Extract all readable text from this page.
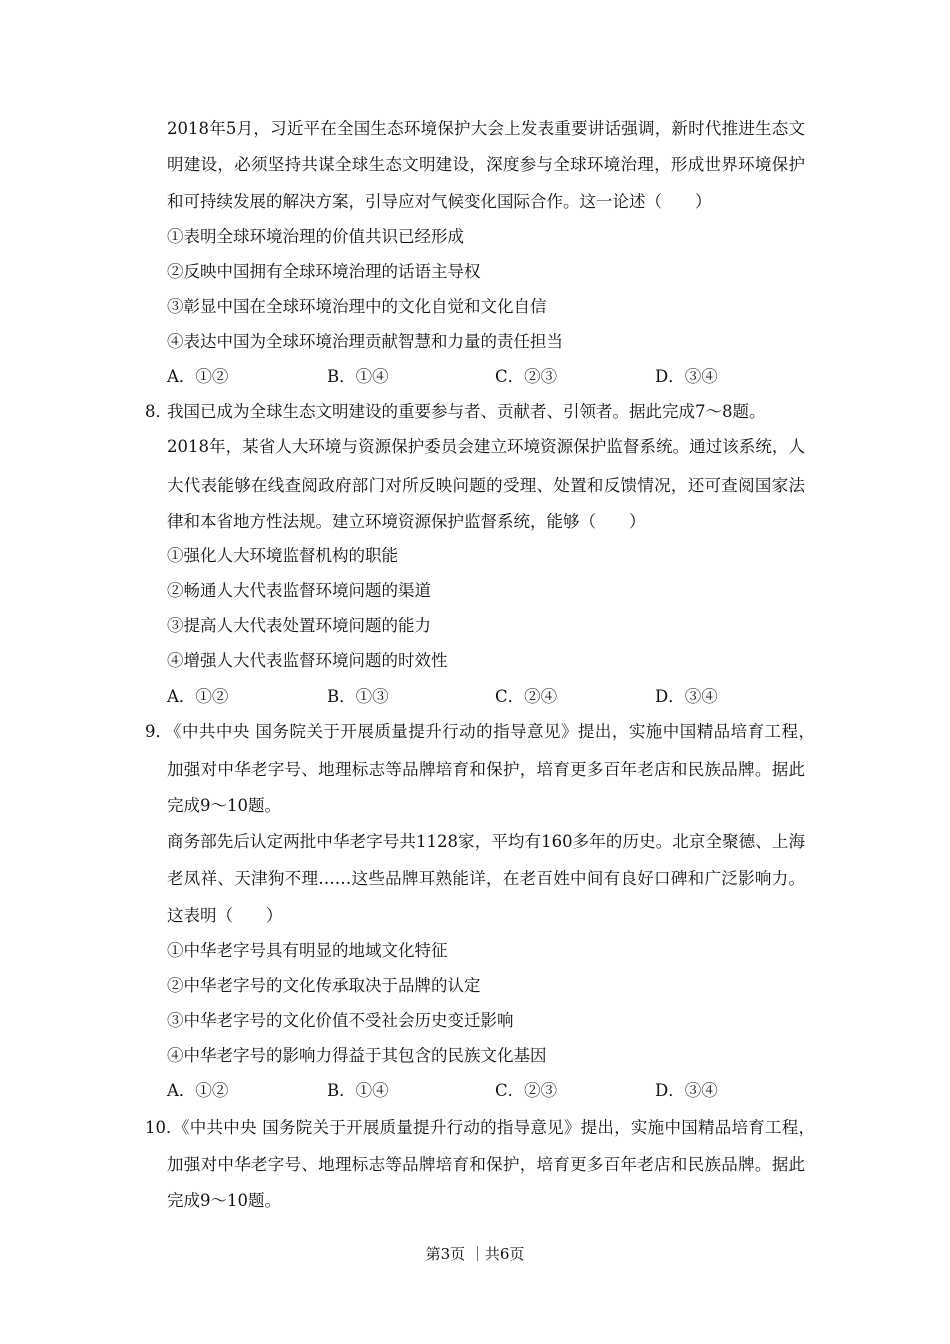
2018年5月，习近平在全国生态环境保护大会上发表重要讲话强调，新时代推进生态文
明建设，必须坚持共谋全球生态文明建设，深度参与全球环境治理，形成世界环境保护
和可持续发展的解决方案，引导应对气候变化国际合作。这一论述（　　）
①表明全球环境治理的价值共识已经形成
②反映中国拥有全球环境治理的话语主导权
③彰显中国在全球环境治理中的文化自觉和文化自信
④表达中国为全球环境治理贡献智慧和力量的责任担当
A．①②	B．①④	C．②③	D．③④
8．
我国已成为全球生态文明建设的重要参与者、贡献者、引领者。据此完成7～8题。
2018年，某省人大环境与资源保护委员会建立环境资源保护监督系统。通过该系统，人
大代表能够在线查阅政府部门对所反映问题的受理、处置和反馈情况，还可查阅国家法
律和本省地方性法规。建立环境资源保护监督系统，能够（　　）
①强化人大环境监督机构的职能
②畅通人大代表监督环境问题的渠道
③提高人大代表处置环境问题的能力
④增强人大代表监督环境问题的时效性
A．①②	B．①③	C．②④	D．③④
9．
《中共中央 国务院关于开展质量提升行动的指导意见》提出，实施中国精品培育工程，
加强对中华老字号、地理标志等品牌培育和保护，培育更多百年老店和民族品牌。据此
完成9～10题。
商务部先后认定两批中华老字号共1128家，平均有160多年的历史。北京全聚德、上海
老凤祥、天津狗不理……这些品牌耳熟能详，在老百姓中间有良好口碑和广泛影响力。
这表明（　　）
①中华老字号具有明显的地域文化特征
②中华老字号的文化传承取决于品牌的认定
③中华老字号的文化价值不受社会历史变迁影响
④中华老字号的影响力得益于其包含的民族文化基因
A．①②	B．①④	C．②③	D．③④
10．
《中共中央 国务院关于开展质量提升行动的指导意见》提出，实施中国精品培育工程，
加强对中华老字号、地理标志等品牌培育和保护，培育更多百年老店和民族品牌。据此
完成9～10题。
第3页 ｜共6页
